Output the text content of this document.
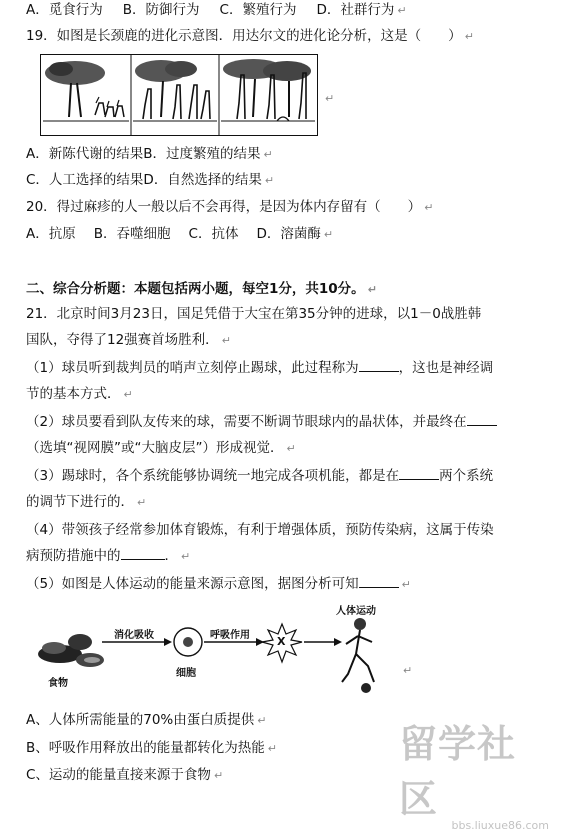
A．觅食行为 B．防御行为 C．繁殖行为 D．社群行为 ↵
19．如图是长颈鹿的进化示意图．用达尔文的进化论分析，这是（　　） ↵
↵
A．新陈代谢的结果B．过度繁殖的结果 ↵
C．人工选择的结果D．自然选择的结果 ↵
20．得过麻疹的人一般以后不会再得，是因为体内存留有（　　） ↵
A．抗原 B．吞噬细胞 C．抗体 D．溶菌酶 ↵
二、综合分析题：本题包括两小题，每空1分，共10分。 ↵
21．北京时间3月23日，国足凭借于大宝在第35分钟的进球，以1－0战胜韩
国队，夺得了12强赛首场胜利． ↵
（1）球员听到裁判员的哨声立刻停止踢球，此过程称为	，这也是神经调
节的基本方式． ↵
（2）球员要看到队友传来的球，需要不断调节眼球内的晶状体，并最终在
（选填“视网膜”或“大脑皮层”）形成视觉． ↵
（3）踢球时，各个系统能够协调统一地完成各项机能，都是在	两个系统
的调节下进行的． ↵
（4）带领孩子经常参加体育锻炼，有利于增强体质，预防传染病，这属于传染
病预防措施中的	． ↵
（5）如图是人体运动的能量来源示意图，据图分析可知	↵
食物
消化吸收
细胞
呼吸作用 X
人体运动
↵
A、人体所需能量的70%由蛋白质提供 ↵
B、呼吸作用释放出的能量都转化为热能 ↵
C、运动的能量直接来源于食物 ↵
留学社区
bbs.liuxue86.com
